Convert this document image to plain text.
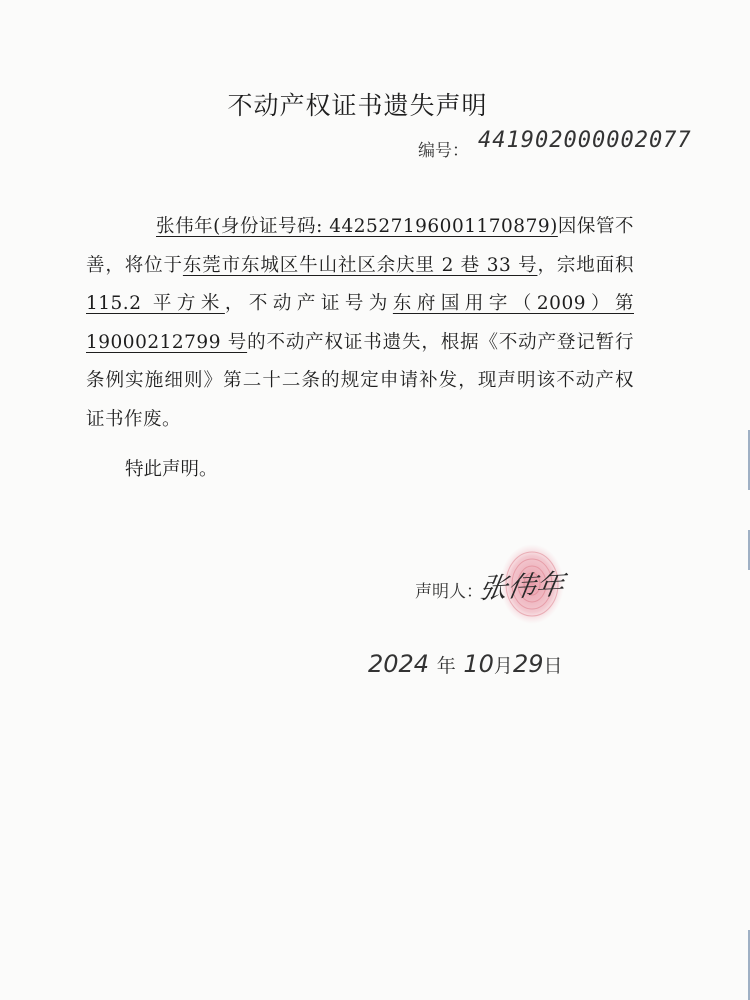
不动产权证书遗失声明
编号： 441902000002077

张伟年(身份证号码: 442527196001170879)因保管不善，将位于东莞市东城区牛山社区余庆里 2 巷 33 号，宗地面积 115.2 平方米，不动产证号为东府国用字（2009）第 19000212799 号的不动产权证书遗失，根据《不动产登记暂行条例实施细则》第二十二条的规定申请补发，现声明该不动产权证书作废。

特此声明。
声明人：
张伟年
2024 年 10月29日
